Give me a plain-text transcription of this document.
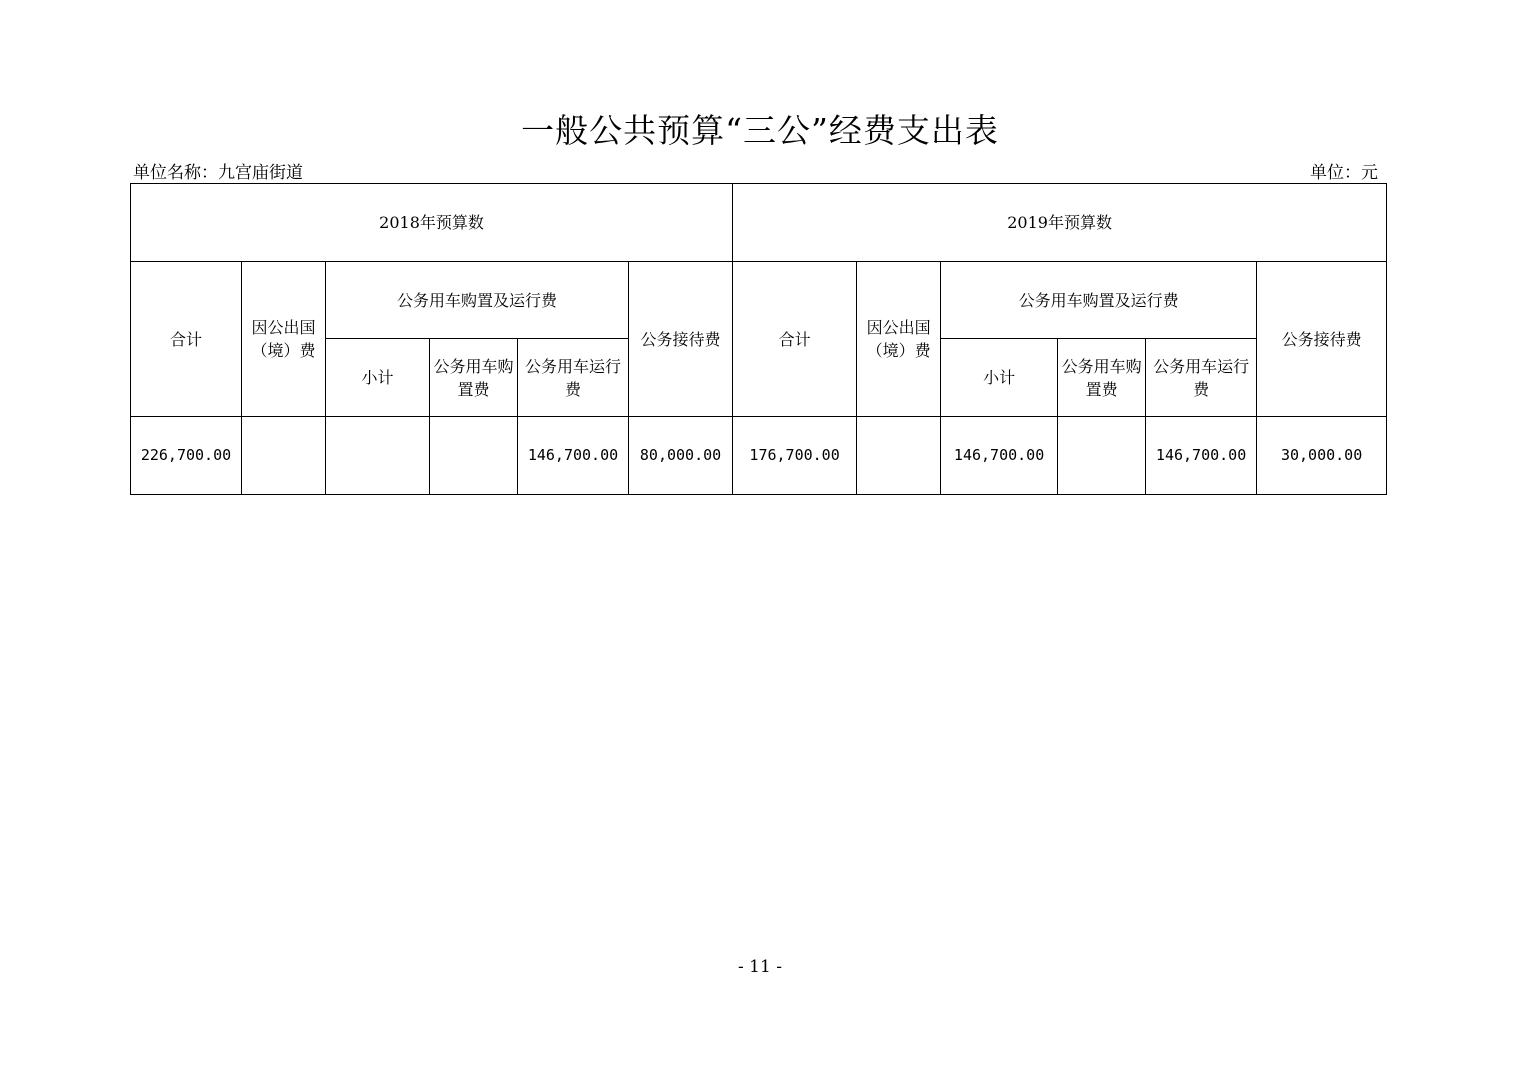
一般公共预算“三公”经费支出表
单位名称：九宫庙街道	单位：元
2018年预算数						2019年预算数					
合计	因公出国（境）费	公务用车购置及运行费			公务接待费	合计	因公出国（境）费	公务用车购置及运行费			公务接待费
		小计	公务用车购置费	公务用车运行费				小计	公务用车购置费	公务用车运行费	
226,700.00				146,700.00	80,000.00	176,700.00		146,700.00		146,700.00	30,000.00
- 11 -
